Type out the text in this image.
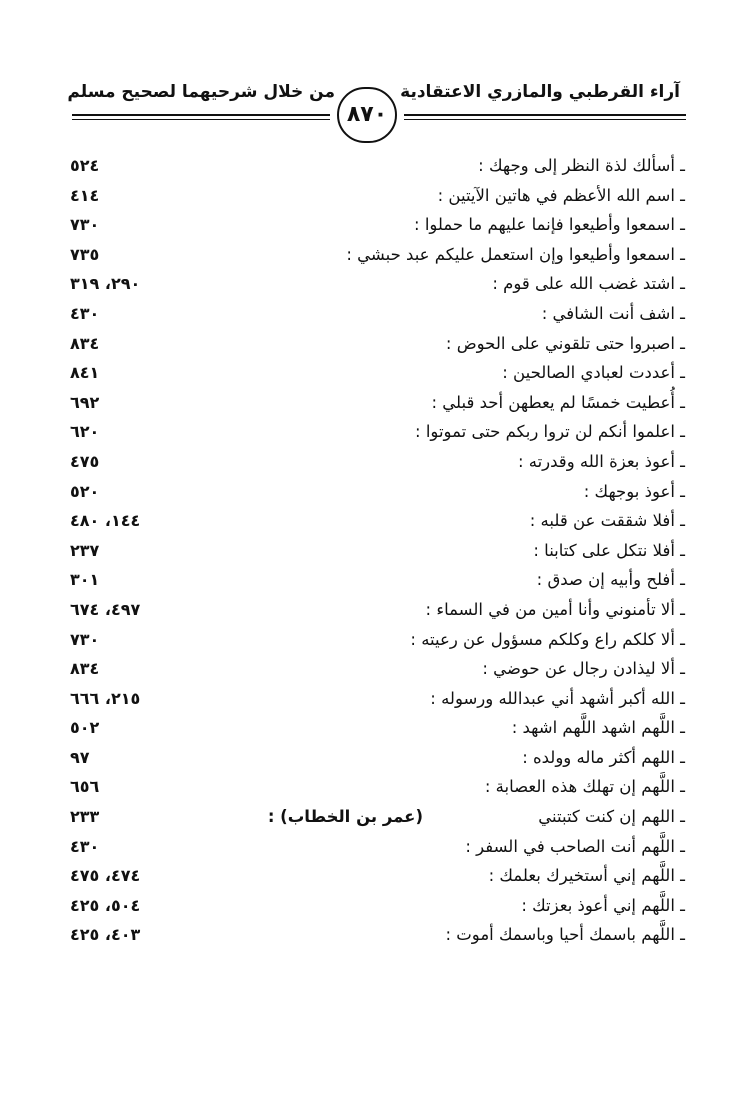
آراء القرطبي والمازري الاعتقادية
من خلال شرحيهما لصحيح مسلم
٨٧٠
ـ أسألك لذة النظر إلى وجهك :
٥٢٤
ـ اسم الله الأعظم في هاتين الآيتين :
٤١٤
ـ اسمعوا وأطيعوا فإنما عليهم ما حملوا :
٧٣٠
ـ اسمعوا وأطيعوا وإن استعمل عليكم عبد حبشي :
٧٣٥
ـ اشتد غضب الله على قوم :
٢٩٠، ٣١٩
ـ اشف أنت الشافي :
٤٣٠
ـ اصبروا حتى تلقوني على الحوض :
٨٣٤
ـ أعددت لعبادي الصالحين :
٨٤١
ـ أُعطيت خمسًا لم يعطهن أحد قبلي :
٦٩٢
ـ اعلموا أنكم لن تروا ربكم حتى تموتوا :
٦٢٠
ـ أعوذ بعزة الله وقدرته :
٤٧٥
ـ أعوذ بوجهك :
٥٢٠
ـ أفلا شققت عن قلبه :
١٤٤، ٤٨٠
ـ أفلا نتكل على كتابنا :
٢٣٧
ـ أفلح وأبيه إن صدق :
٣٠١
ـ ألا تأمنوني وأنا أمين من في السماء :
٤٩٧، ٦٧٤
ـ ألا كلكم راع وكلكم مسؤول عن رعيته :
٧٣٠
ـ ألا ليذادن رجال عن حوضي :
٨٣٤
ـ الله أكبر أشهد أني عبدالله ورسوله :
٢١٥، ٦٦٦
ـ اللَّهم اشهد اللَّهم اشهد :
٥٠٢
ـ اللهم أكثر ماله وولده :
٩٧
ـ اللَّهم إن تهلك هذه العصابة :
٦٥٦
ـ اللهم إن كنت كتبتني
(عمر بن الخطاب) :
٢٣٣
ـ اللَّهم أنت الصاحب في السفر :
٤٣٠
ـ اللَّهم إني أستخيرك بعلمك :
٤٧٤، ٤٧٥
ـ اللَّهم إني أعوذ بعزتك :
٥٠٤، ٤٢٥
ـ اللَّهم باسمك أحيا وباسمك أموت :
٤٠٣، ٤٢٥
